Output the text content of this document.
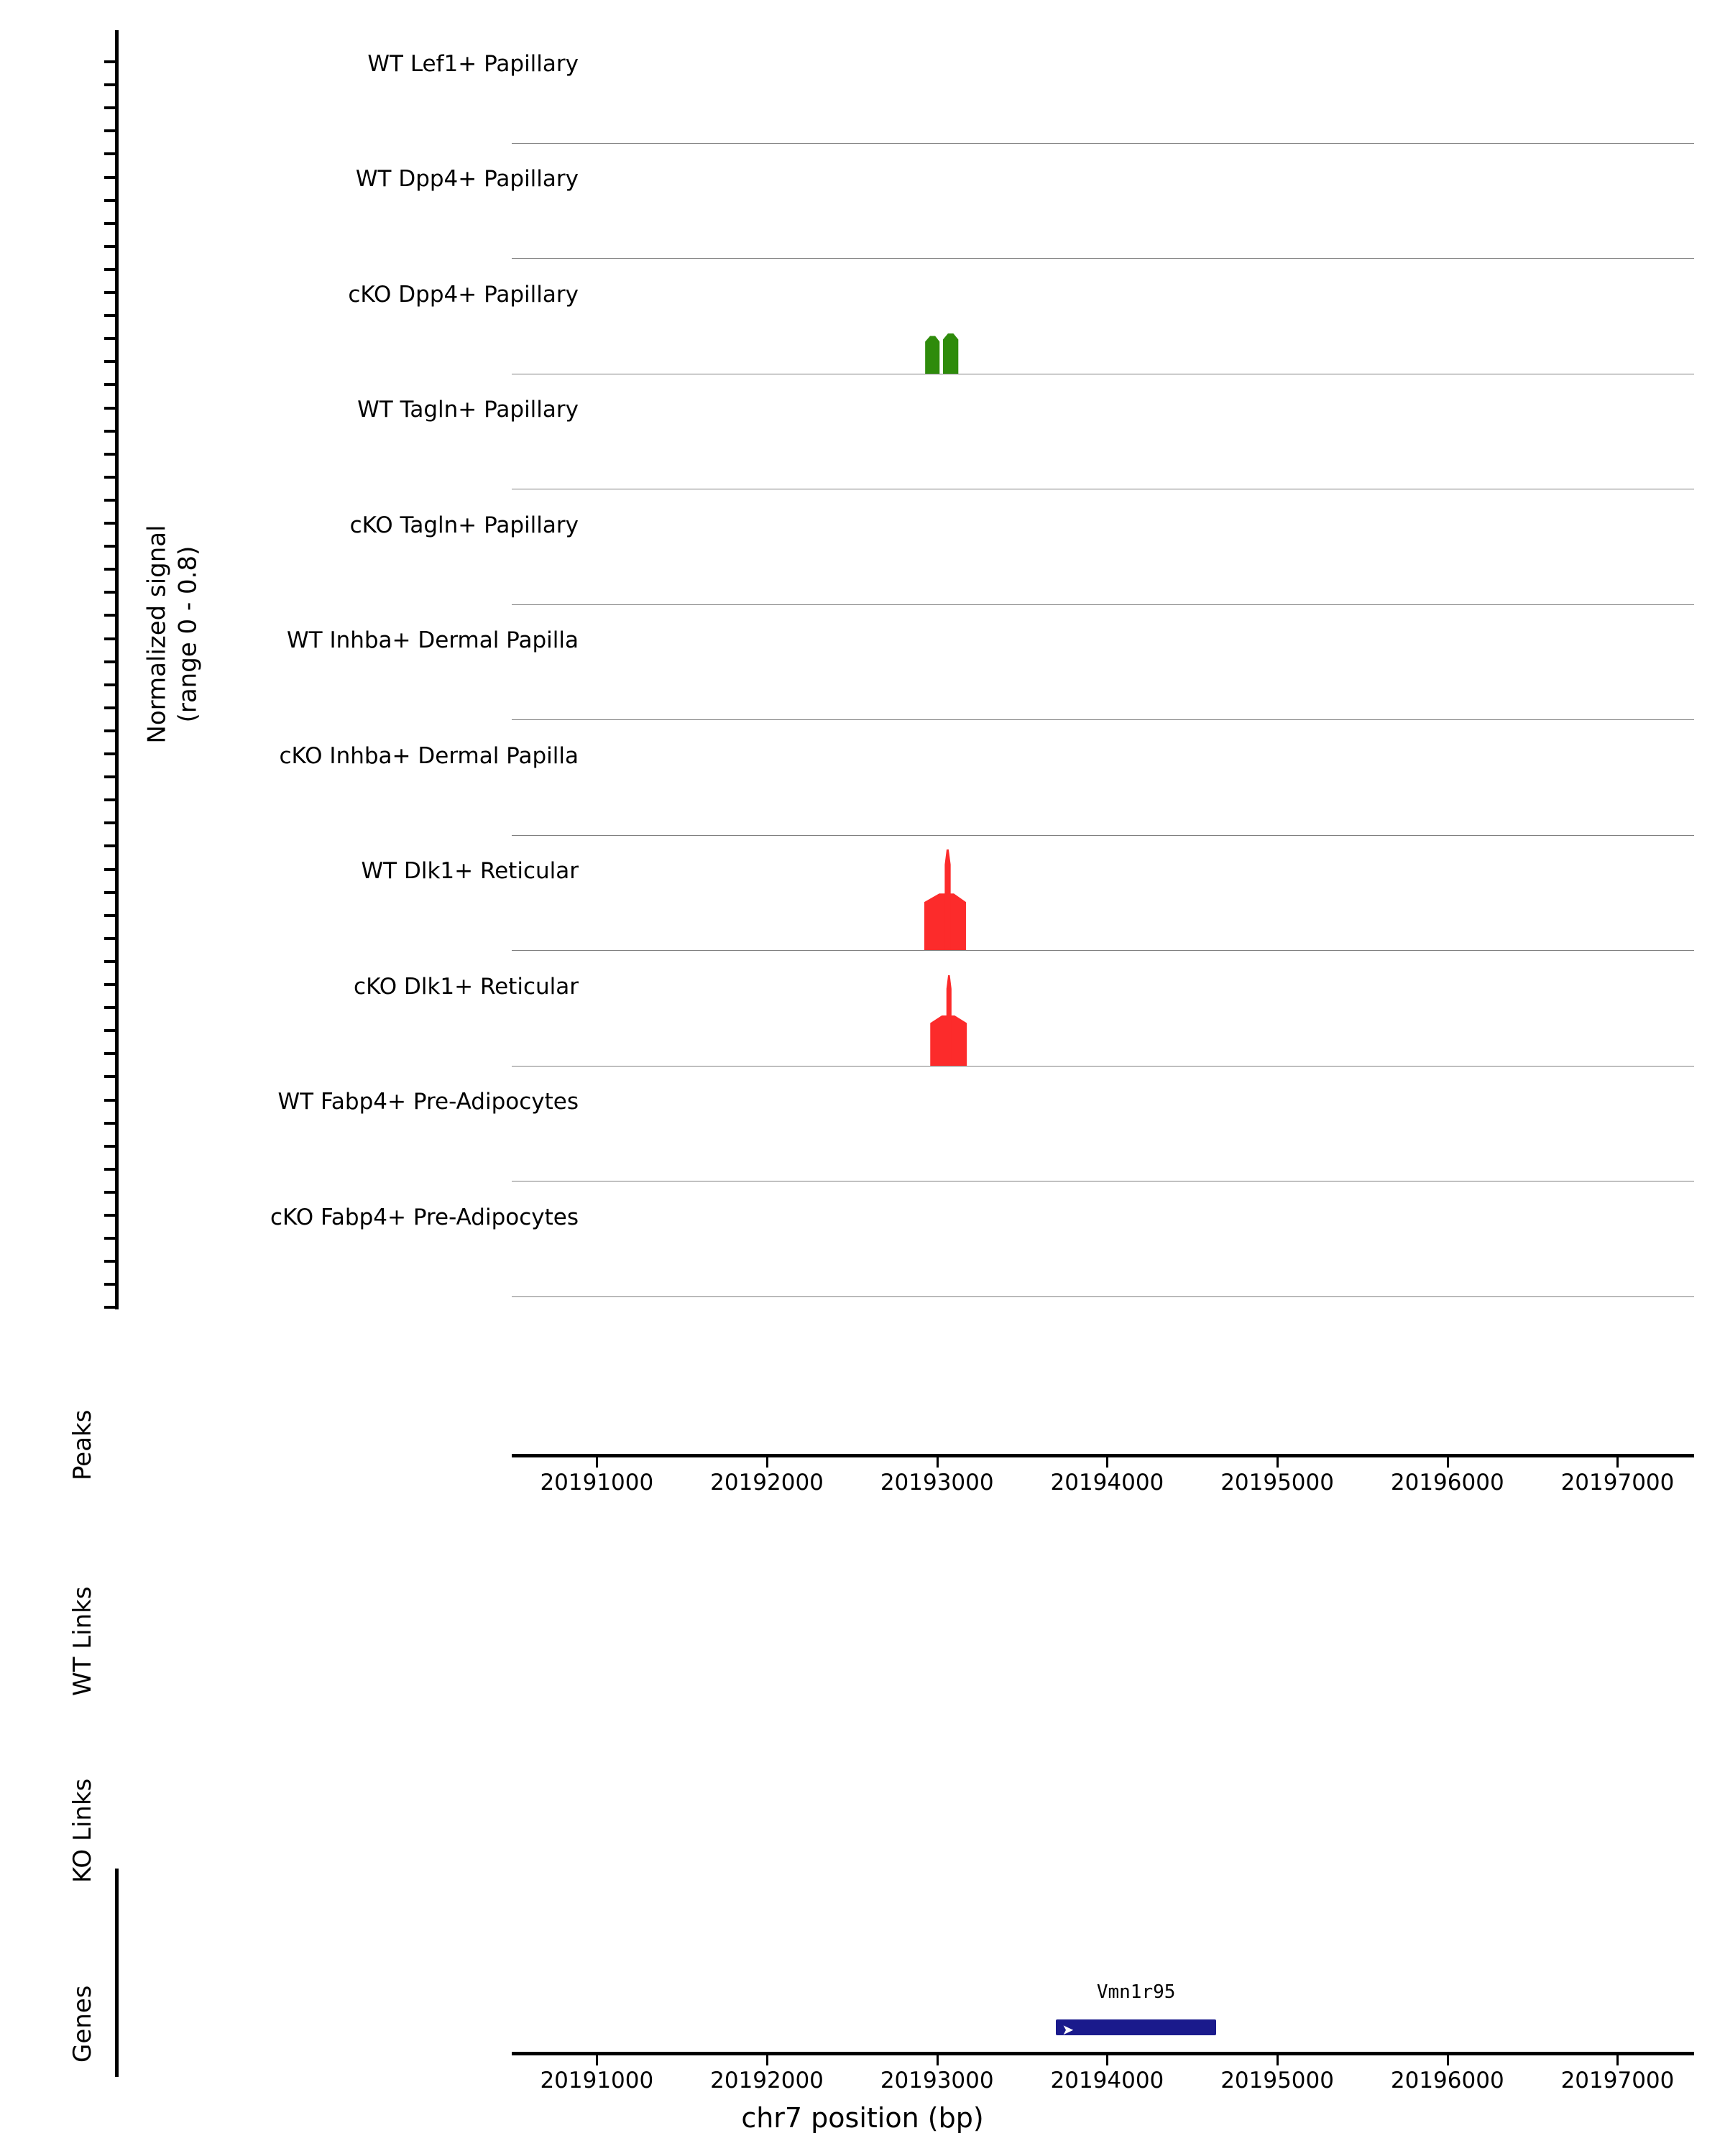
Normalized signal (range 0 - 0.8)
WT Lef1+ Papillary
WT Dpp4+ Papillary
cKO Dpp4+ Papillary
WT Tagln+ Papillary
cKO Tagln+ Papillary
WT Inhba+ Dermal Papilla
cKO Inhba+ Dermal Papilla
WT Dlk1+ Reticular
cKO Dlk1+ Reticular
WT Fabp4+ Pre-Adipocytes
cKO Fabp4+ Pre-Adipocytes
Peaks
WT Links
KO Links
Genes
20191000	20192000	20193000	20194000	20195000	20196000	20197000
➤
Vmn1r95
20191000	20192000	20193000	20194000	20195000	20196000	20197000
chr7 position (bp)
